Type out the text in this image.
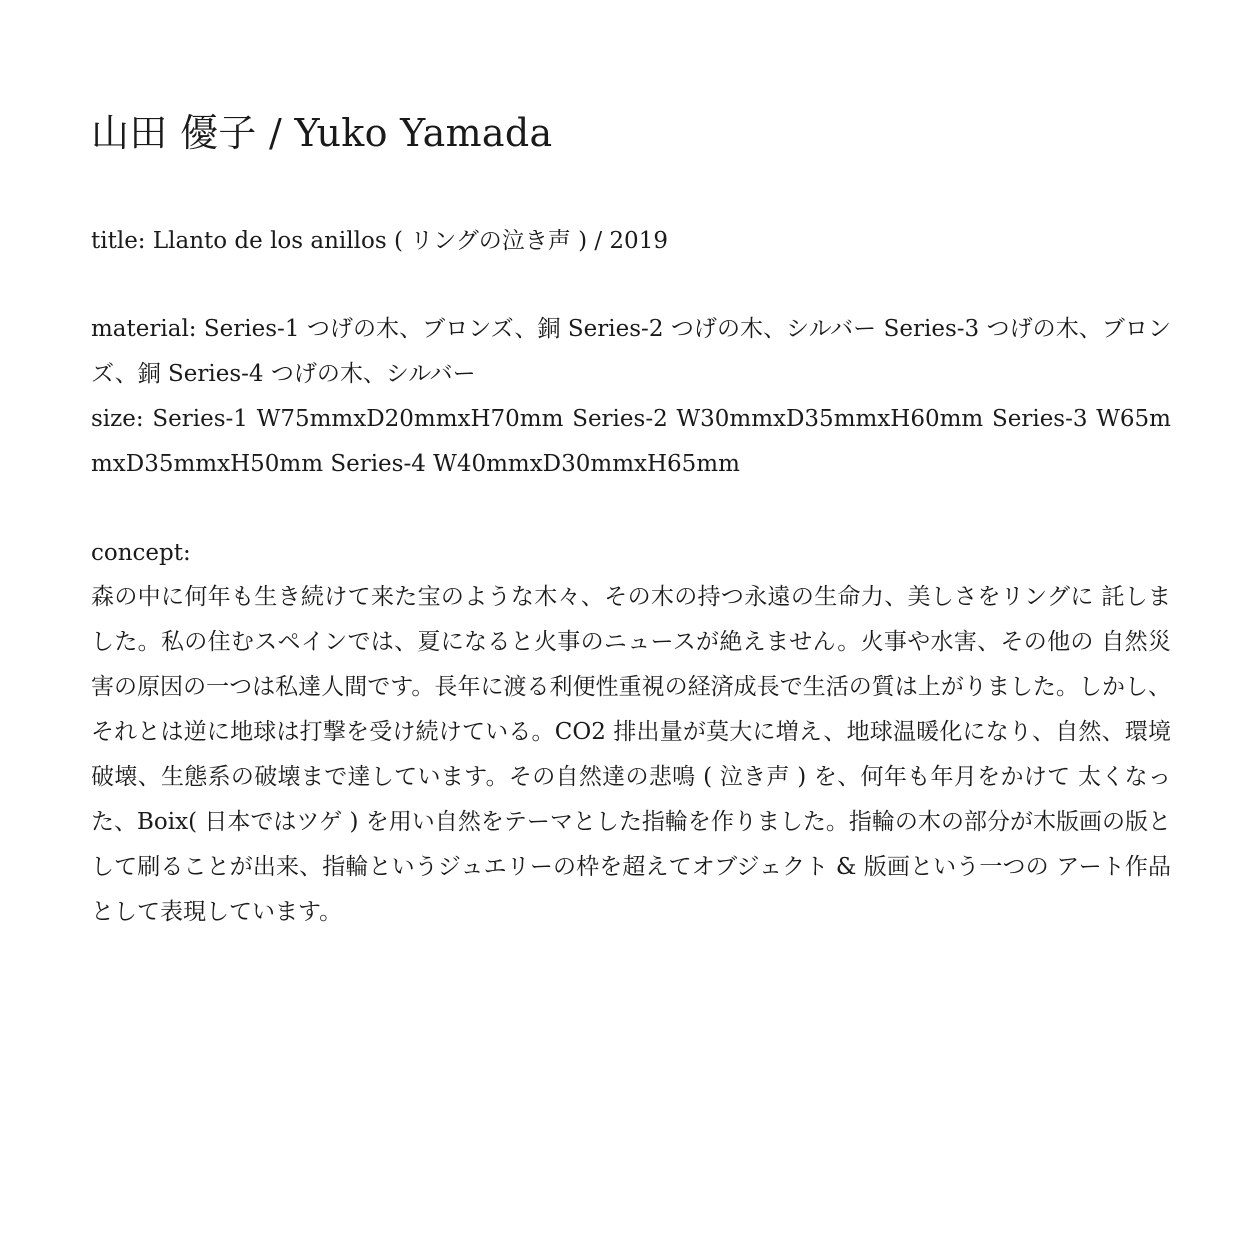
山田 優子 / Yuko Yamada

title: Llanto de los anillos ( リングの泣き声 ) / 2019

material: Series-1 つげの木、ブロンズ、銅 Series-2 つげの木、シルバー Series-3 つげの木、ブロンズ、銅 Series-4 つげの木、シルバー

size: Series-1 W75mmxD20mmxH70mm Series-2 W30mmxD35mmxH60mm Series-3 W65mmxD35mmxH50mm Series-4 W40mmxD30mmxH65mm

concept:

森の中に何年も生き続けて来た宝のような木々、その木の持つ永遠の生命力、美しさをリングに 託しました。私の住むスペインでは、夏になると火事のニュースが絶えません。火事や水害、その他の 自然災害の原因の一つは私達人間です。長年に渡る利便性重視の経済成長で生活の質は上がりました。しかし、それとは逆に地球は打撃を受け続けている。CO2 排出量が莫大に増え、地球温暖化になり、自然、環境破壊、生態系の破壊まで達しています。その自然達の悲鳴 ( 泣き声 ) を、何年も年月をかけて 太くなった、Boix( 日本ではツゲ ) を用い自然をテーマとした指輪を作りました。指輪の木の部分が木版画の版として刷ることが出来、指輪というジュエリーの枠を超えてオブジェクト & 版画という一つの アート作品として表現しています。
